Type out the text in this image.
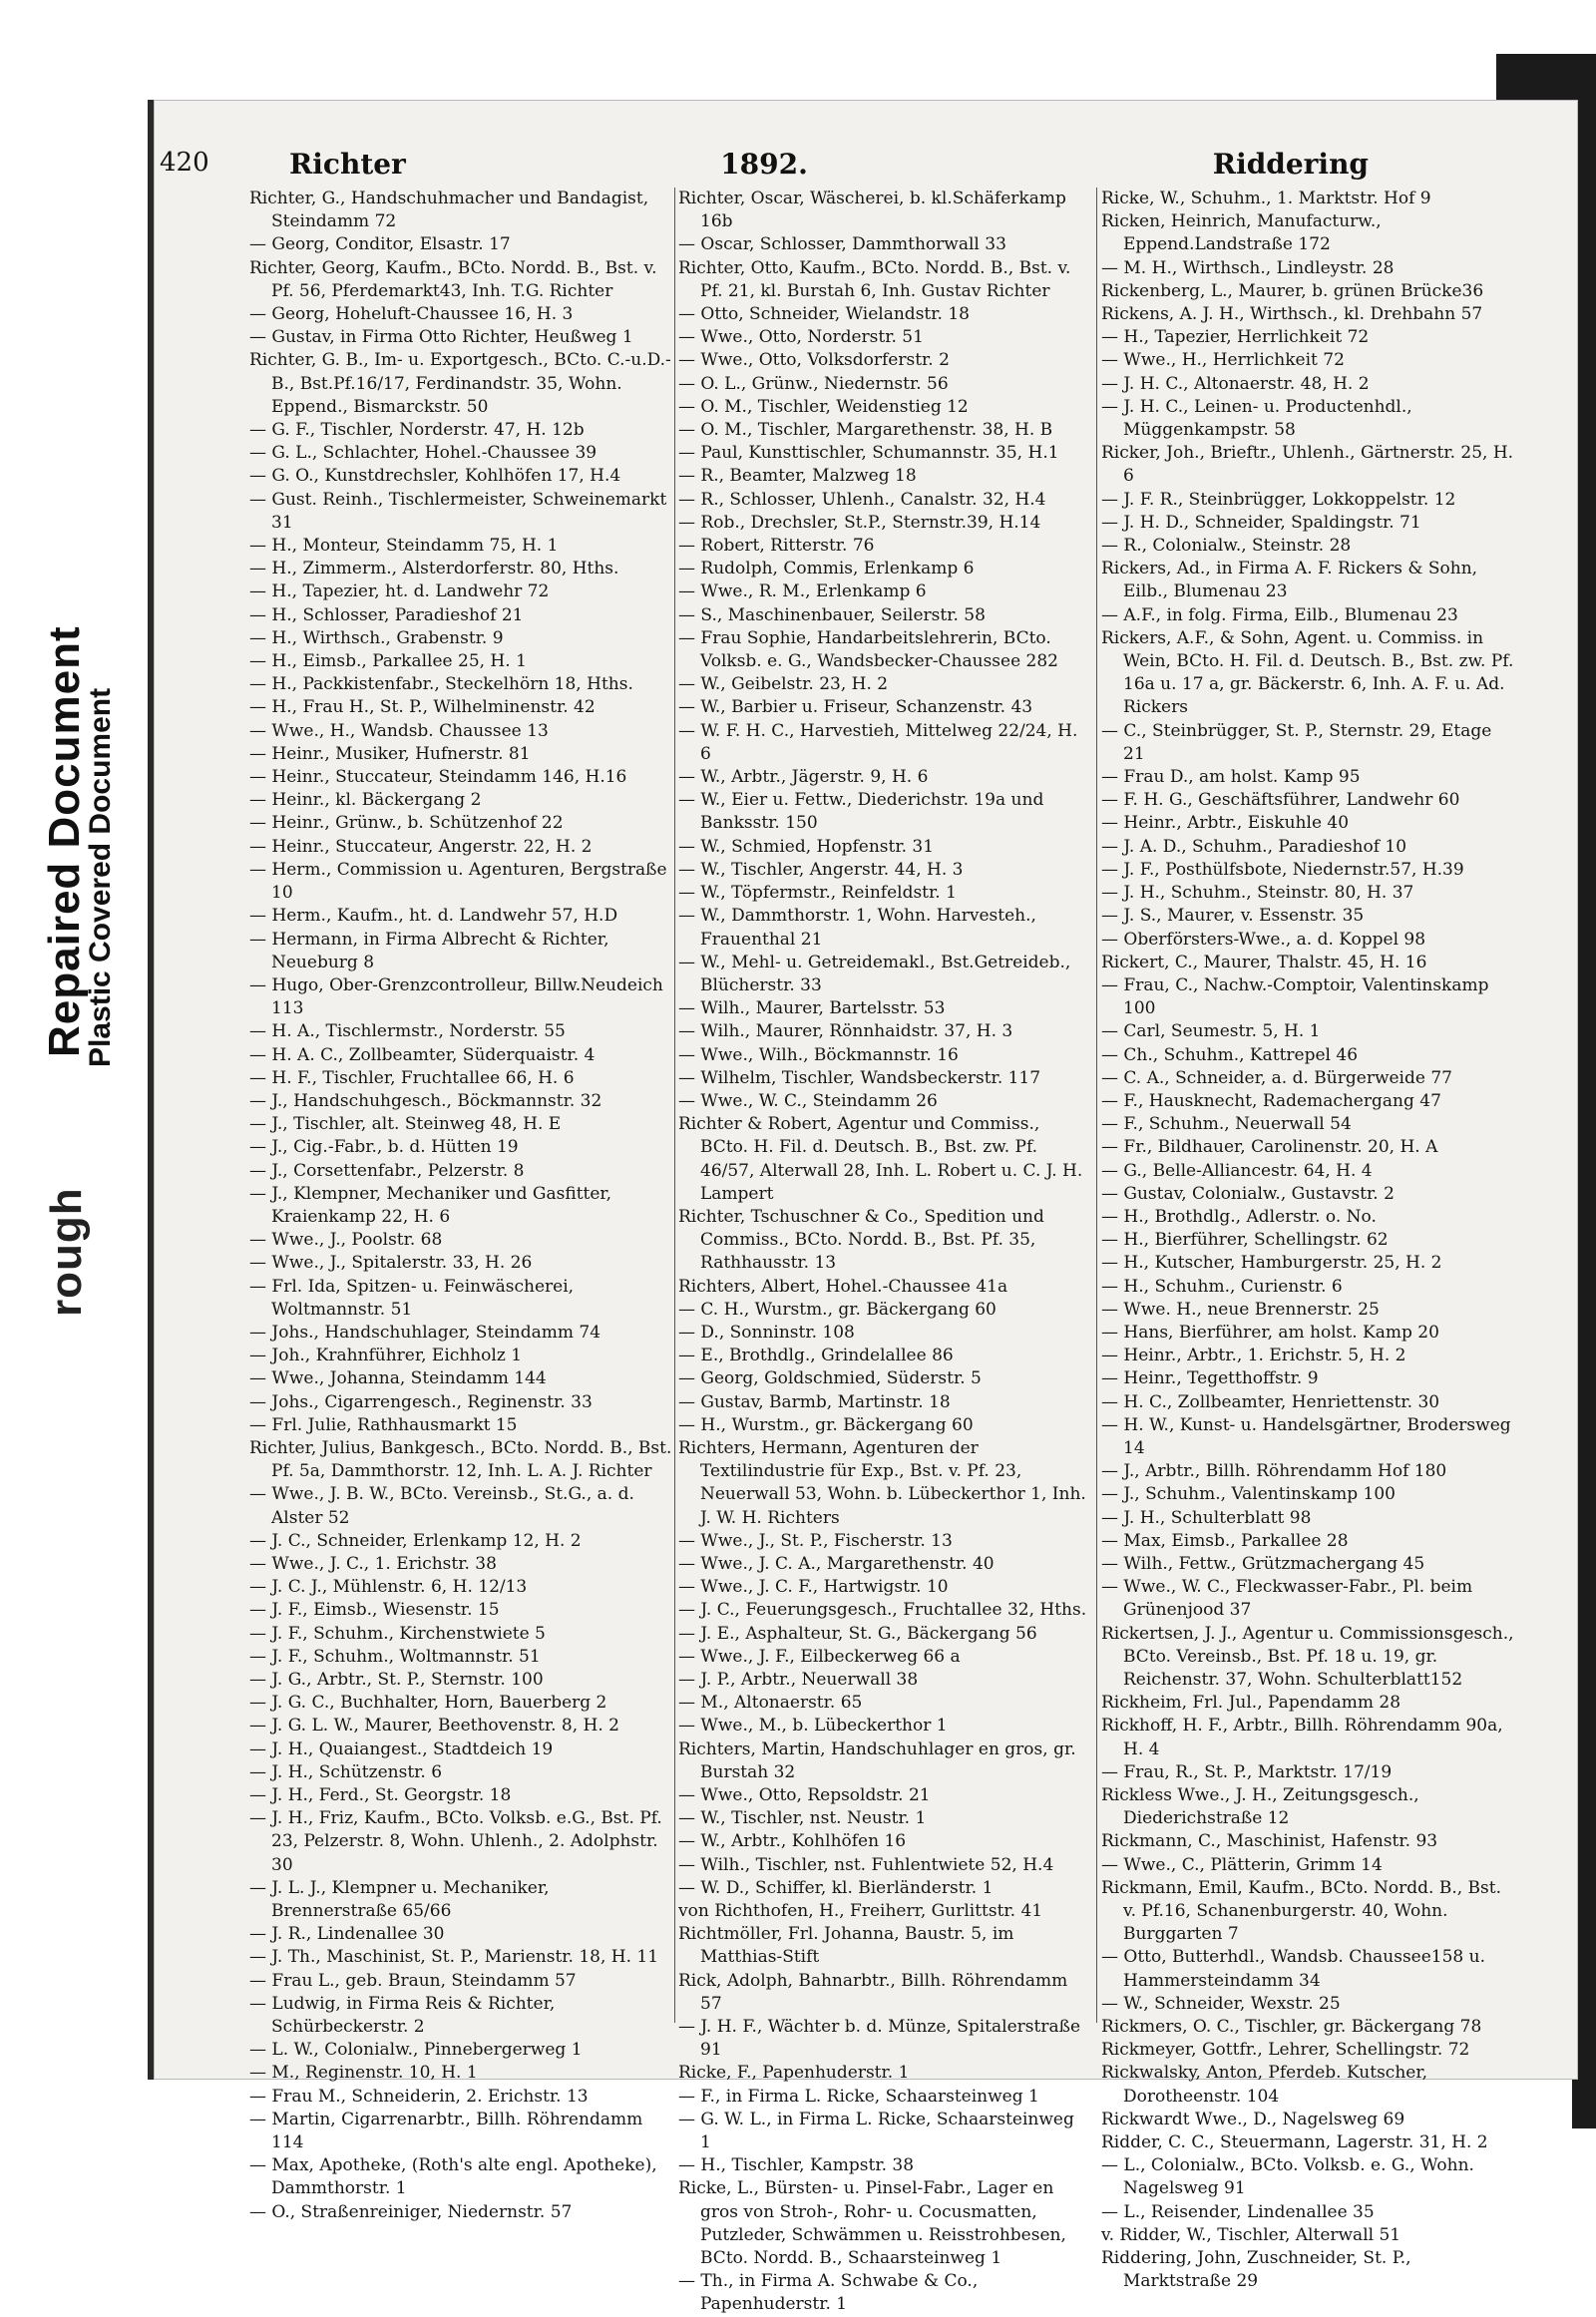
Repaired Document
rough
Plastic Covered Document
420	Richter	1892.	Riddering

Richter, G., Handschuhmacher und Bandagist, Steindamm 72

— Georg, Conditor, Elsastr. 17

Richter, Georg, Kaufm., BCto. Nordd. B., Bst. v. Pf. 56, Pferdemarkt43, Inh. T.G. Richter

— Georg, Hoheluft-Chaussee 16, H. 3

— Gustav, in Firma Otto Richter, Heußweg 1

Richter, G. B., Im- u. Exportgesch., BCto. C.-u.D.-B., Bst.Pf.16/17, Ferdinandstr. 35, Wohn. Eppend., Bismarckstr. 50

— G. F., Tischler, Norderstr. 47, H. 12b

— G. L., Schlachter, Hohel.-Chaussee 39

— G. O., Kunstdrechsler, Kohlhöfen 17, H.4

— Gust. Reinh., Tischlermeister, Schweinemarkt 31

— H., Monteur, Steindamm 75, H. 1

— H., Zimmerm., Alsterdorferstr. 80, Hths.

— H., Tapezier, ht. d. Landwehr 72

— H., Schlosser, Paradieshof 21

— H., Wirthsch., Grabenstr. 9

— H., Eimsb., Parkallee 25, H. 1

— H., Packkistenfabr., Steckelhörn 18, Hths.

— H., Frau H., St. P., Wilhelminenstr. 42

— Wwe., H., Wandsb. Chaussee 13

— Heinr., Musiker, Hufnerstr. 81

— Heinr., Stuccateur, Steindamm 146, H.16

— Heinr., kl. Bäckergang 2

— Heinr., Grünw., b. Schützenhof 22

— Heinr., Stuccateur, Angerstr. 22, H. 2

— Herm., Commission u. Agenturen, Bergstraße 10

— Herm., Kaufm., ht. d. Landwehr 57, H.D

— Hermann, in Firma Albrecht & Richter, Neueburg 8

— Hugo, Ober-Grenzcontrolleur, Billw.Neudeich 113

— H. A., Tischlermstr., Norderstr. 55

— H. A. C., Zollbeamter, Süderquaistr. 4

— H. F., Tischler, Fruchtallee 66, H. 6

— J., Handschuhgesch., Böckmannstr. 32

— J., Tischler, alt. Steinweg 48, H. E

— J., Cig.-Fabr., b. d. Hütten 19

— J., Corsettenfabr., Pelzerstr. 8

— J., Klempner, Mechaniker und Gasfitter, Kraienkamp 22, H. 6

— Wwe., J., Poolstr. 68

— Wwe., J., Spitalerstr. 33, H. 26

— Frl. Ida, Spitzen- u. Feinwäscherei, Woltmannstr. 51

— Johs., Handschuhlager, Steindamm 74

— Joh., Krahnführer, Eichholz 1

— Wwe., Johanna, Steindamm 144

— Johs., Cigarrengesch., Reginenstr. 33

— Frl. Julie, Rathhausmarkt 15

Richter, Julius, Bankgesch., BCto. Nordd. B., Bst. Pf. 5a, Dammthorstr. 12, Inh. L. A. J. Richter

— Wwe., J. B. W., BCto. Vereinsb., St.G., a. d. Alster 52

— J. C., Schneider, Erlenkamp 12, H. 2

— Wwe., J. C., 1. Erichstr. 38

— J. C. J., Mühlenstr. 6, H. 12/13

— J. F., Eimsb., Wiesenstr. 15

— J. F., Schuhm., Kirchenstwiete 5

— J. F., Schuhm., Woltmannstr. 51

— J. G., Arbtr., St. P., Sternstr. 100

— J. G. C., Buchhalter, Horn, Bauerberg 2

— J. G. L. W., Maurer, Beethovenstr. 8, H. 2

— J. H., Quaiangest., Stadtdeich 19

— J. H., Schützenstr. 6

— J. H., Ferd., St. Georgstr. 18

— J. H., Friz, Kaufm., BCto. Volksb. e.G., Bst. Pf. 23, Pelzerstr. 8, Wohn. Uhlenh., 2. Adolphstr. 30

— J. L. J., Klempner u. Mechaniker, Brennerstraße 65/66

— J. R., Lindenallee 30

— J. Th., Maschinist, St. P., Marienstr. 18, H. 11

— Frau L., geb. Braun, Steindamm 57

— Ludwig, in Firma Reis & Richter, Schürbeckerstr. 2

— L. W., Colonialw., Pinnebergerweg 1

— M., Reginenstr. 10, H. 1

— Frau M., Schneiderin, 2. Erichstr. 13

— Martin, Cigarrenarbtr., Billh. Röhrendamm 114

— Max, Apotheke, (Roth's alte engl. Apotheke), Dammthorstr. 1

— O., Straßenreiniger, Niedernstr. 57

Richter, Oscar, Wäscherei, b. kl.Schäferkamp 16b

— Oscar, Schlosser, Dammthorwall 33

Richter, Otto, Kaufm., BCto. Nordd. B., Bst. v. Pf. 21, kl. Burstah 6, Inh. Gustav Richter

— Otto, Schneider, Wielandstr. 18

— Wwe., Otto, Norderstr. 51

— Wwe., Otto, Volksdorferstr. 2

— O. L., Grünw., Niedernstr. 56

— O. M., Tischler, Weidenstieg 12

— O. M., Tischler, Margarethenstr. 38, H. B

— Paul, Kunsttischler, Schumannstr. 35, H.1

— R., Beamter, Malzweg 18

— R., Schlosser, Uhlenh., Canalstr. 32, H.4

— Rob., Drechsler, St.P., Sternstr.39, H.14

— Robert, Ritterstr. 76

— Rudolph, Commis, Erlenkamp 6

— Wwe., R. M., Erlenkamp 6

— S., Maschinenbauer, Seilerstr. 58

— Frau Sophie, Handarbeitslehrerin, BCto. Volksb. e. G., Wandsbecker-Chaussee 282

— W., Geibelstr. 23, H. 2

— W., Barbier u. Friseur, Schanzenstr. 43

— W. F. H. C., Harvestieh, Mittelweg 22/24, H. 6

— W., Arbtr., Jägerstr. 9, H. 6

— W., Eier u. Fettw., Diederichstr. 19a und Banksstr. 150

— W., Schmied, Hopfenstr. 31

— W., Tischler, Angerstr. 44, H. 3

— W., Töpfermstr., Reinfeldstr. 1

— W., Dammthorstr. 1, Wohn. Harvesteh., Frauenthal 21

— W., Mehl- u. Getreidemakl., Bst.Getreideb., Blücherstr. 33

— Wilh., Maurer, Bartelsstr. 53

— Wilh., Maurer, Rönnhaidstr. 37, H. 3

— Wwe., Wilh., Böckmannstr. 16

— Wilhelm, Tischler, Wandsbeckerstr. 117

— Wwe., W. C., Steindamm 26

Richter & Robert, Agentur und Commiss., BCto. H. Fil. d. Deutsch. B., Bst. zw. Pf. 46/57, Alterwall 28, Inh. L. Robert u. C. J. H. Lampert

Richter, Tschuschner & Co., Spedition und Commiss., BCto. Nordd. B., Bst. Pf. 35, Rathhausstr. 13

Richters, Albert, Hohel.-Chaussee 41a

— C. H., Wurstm., gr. Bäckergang 60

— D., Sonninstr. 108

— E., Brothdlg., Grindelallee 86

— Georg, Goldschmied, Süderstr. 5

— Gustav, Barmb, Martinstr. 18

— H., Wurstm., gr. Bäckergang 60

Richters, Hermann, Agenturen der Textilindustrie für Exp., Bst. v. Pf. 23, Neuerwall 53, Wohn. b. Lübeckerthor 1, Inh. J. W. H. Richters

— Wwe., J., St. P., Fischerstr. 13

— Wwe., J. C. A., Margarethenstr. 40

— Wwe., J. C. F., Hartwigstr. 10

— J. C., Feuerungsgesch., Fruchtallee 32, Hths.

— J. E., Asphalteur, St. G., Bäckergang 56

— Wwe., J. F., Eilbeckerweg 66 a

— J. P., Arbtr., Neuerwall 38

— M., Altonaerstr. 65

— Wwe., M., b. Lübeckerthor 1

Richters, Martin, Handschuhlager en gros, gr. Burstah 32

— Wwe., Otto, Repsoldstr. 21

— W., Tischler, nst. Neustr. 1

— W., Arbtr., Kohlhöfen 16

— Wilh., Tischler, nst. Fuhlentwiete 52, H.4

— W. D., Schiffer, kl. Bierländerstr. 1

von Richthofen, H., Freiherr, Gurlittstr. 41

Richtmöller, Frl. Johanna, Baustr. 5, im Matthias-Stift

Rick, Adolph, Bahnarbtr., Billh. Röhrendamm 57

— J. H. F., Wächter b. d. Münze, Spitalerstraße 91

Ricke, F., Papenhuderstr. 1

— F., in Firma L. Ricke, Schaarsteinweg 1

— G. W. L., in Firma L. Ricke, Schaarsteinweg 1

— H., Tischler, Kampstr. 38

Ricke, L., Bürsten- u. Pinsel-Fabr., Lager en gros von Stroh-, Rohr- u. Cocusmatten, Putzleder, Schwämmen u. Reisstrohbesen, BCto. Nordd. B., Schaarsteinweg 1

— Th., in Firma A. Schwabe & Co., Papenhuderstr. 1

Ricke, W., Schuhm., 1. Marktstr. Hof 9

Ricken, Heinrich, Manufacturw., Eppend.Landstraße 172

— M. H., Wirthsch., Lindleystr. 28

Rickenberg, L., Maurer, b. grünen Brücke36

Rickens, A. J. H., Wirthsch., kl. Drehbahn 57

— H., Tapezier, Herrlichkeit 72

— Wwe., H., Herrlichkeit 72

— J. H. C., Altonaerstr. 48, H. 2

— J. H. C., Leinen- u. Productenhdl., Müggenkampstr. 58

Ricker, Joh., Brieftr., Uhlenh., Gärtnerstr. 25, H. 6

— J. F. R., Steinbrügger, Lokkoppelstr. 12

— J. H. D., Schneider, Spaldingstr. 71

— R., Colonialw., Steinstr. 28

Rickers, Ad., in Firma A. F. Rickers & Sohn, Eilb., Blumenau 23

— A.F., in folg. Firma, Eilb., Blumenau 23

Rickers, A.F., & Sohn, Agent. u. Commiss. in Wein, BCto. H. Fil. d. Deutsch. B., Bst. zw. Pf. 16a u. 17 a, gr. Bäckerstr. 6, Inh. A. F. u. Ad. Rickers

— C., Steinbrügger, St. P., Sternstr. 29, Etage 21

— Frau D., am holst. Kamp 95

— F. H. G., Geschäftsführer, Landwehr 60

— Heinr., Arbtr., Eiskuhle 40

— J. A. D., Schuhm., Paradieshof 10

— J. F., Posthülfsbote, Niedernstr.57, H.39

— J. H., Schuhm., Steinstr. 80, H. 37

— J. S., Maurer, v. Essenstr. 35

— Oberförsters-Wwe., a. d. Koppel 98

Rickert, C., Maurer, Thalstr. 45, H. 16

— Frau, C., Nachw.-Comptoir, Valentinskamp 100

— Carl, Seumestr. 5, H. 1

— Ch., Schuhm., Kattrepel 46

— C. A., Schneider, a. d. Bürgerweide 77

— F., Hausknecht, Rademachergang 47

— F., Schuhm., Neuerwall 54

— Fr., Bildhauer, Carolinenstr. 20, H. A

— G., Belle-Alliancestr. 64, H. 4

— Gustav, Colonialw., Gustavstr. 2

— H., Brothdlg., Adlerstr. o. No.

— H., Bierführer, Schellingstr. 62

— H., Kutscher, Hamburgerstr. 25, H. 2

— H., Schuhm., Curienstr. 6

— Wwe. H., neue Brennerstr. 25

— Hans, Bierführer, am holst. Kamp 20

— Heinr., Arbtr., 1. Erichstr. 5, H. 2

— Heinr., Tegetthoffstr. 9

— H. C., Zollbeamter, Henriettenstr. 30

— H. W., Kunst- u. Handelsgärtner, Brodersweg 14

— J., Arbtr., Billh. Röhrendamm Hof 180

— J., Schuhm., Valentinskamp 100

— J. H., Schulterblatt 98

— Max, Eimsb., Parkallee 28

— Wilh., Fettw., Grützmachergang 45

— Wwe., W. C., Fleckwasser-Fabr., Pl. beim Grünenjood 37

Rickertsen, J. J., Agentur u. Commissionsgesch., BCto. Vereinsb., Bst. Pf. 18 u. 19, gr. Reichenstr. 37, Wohn. Schulterblatt152

Rickheim, Frl. Jul., Papendamm 28

Rickhoff, H. F., Arbtr., Billh. Röhrendamm 90a, H. 4

— Frau, R., St. P., Marktstr. 17/19

Rickless Wwe., J. H., Zeitungsgesch., Diederichstraße 12

Rickmann, C., Maschinist, Hafenstr. 93

— Wwe., C., Plätterin, Grimm 14

Rickmann, Emil, Kaufm., BCto. Nordd. B., Bst. v. Pf.16, Schanenburgerstr. 40, Wohn. Burggarten 7

— Otto, Butterhdl., Wandsb. Chaussee158 u. Hammersteindamm 34

— W., Schneider, Wexstr. 25

Rickmers, O. C., Tischler, gr. Bäckergang 78

Rickmeyer, Gottfr., Lehrer, Schellingstr. 72

Rickwalsky, Anton, Pferdeb. Kutscher, Dorotheenstr. 104

Rickwardt Wwe., D., Nagelsweg 69

Ridder, C. C., Steuermann, Lagerstr. 31, H. 2

— L., Colonialw., BCto. Volksb. e. G., Wohn. Nagelsweg 91

— L., Reisender, Lindenallee 35

v. Ridder, W., Tischler, Alterwall 51

Riddering, John, Zuschneider, St. P., Marktstraße 29
